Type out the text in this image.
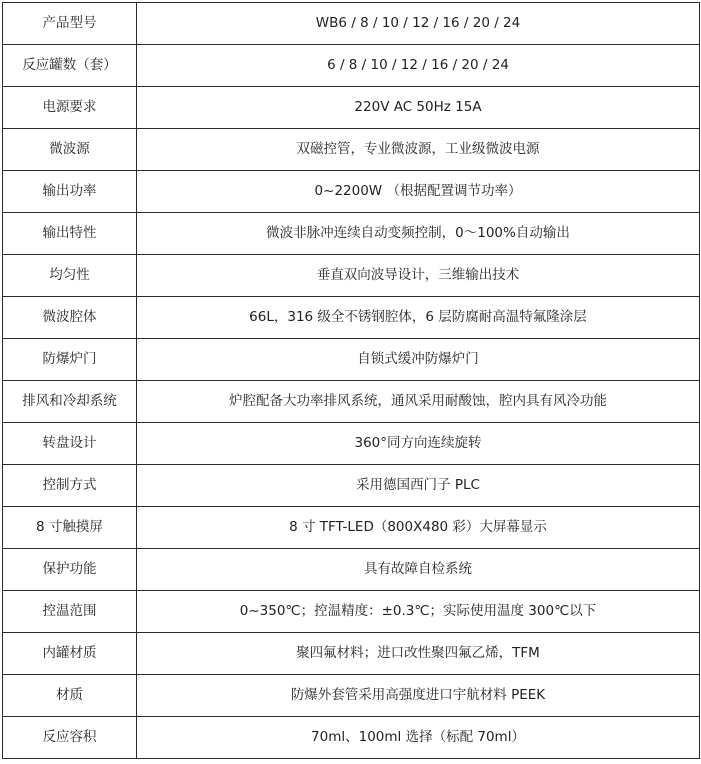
产品型号	WB6 / 8 / 10 / 12 / 16 / 20 / 24
反应罐数（套）	6 / 8 / 10 / 12 / 16 / 20 / 24
电源要求	220V AC 50Hz 15A
微波源	双磁控管，专业微波源，工业级微波电源
输出功率	0~2200W （根据配置调节功率）
输出特性	微波非脉冲连续自动变频控制，0～100%自动输出
均匀性	垂直双向波导设计，三维输出技术
微波腔体	66L，316 级全不锈钢腔体，6 层防腐耐高温特氟隆涂层
防爆炉门	自锁式缓冲防爆炉门
排风和冷却系统	炉腔配备大功率排风系统，通风采用耐酸蚀，腔内具有风冷功能
转盘设计	360°同方向连续旋转
控制方式	采用德国西门子 PLC
8 寸触摸屏	8 寸 TFT-LED（800X480 彩）大屏幕显示
保护功能	具有故障自检系统
控温范围	0~350℃；控温精度：±0.3℃；实际使用温度 300℃以下
内罐材质	聚四氟材料；进口改性聚四氟乙烯，TFM
材质	防爆外套管采用高强度进口宇航材料 PEEK
反应容积	70ml、100ml 选择（标配 70ml）
